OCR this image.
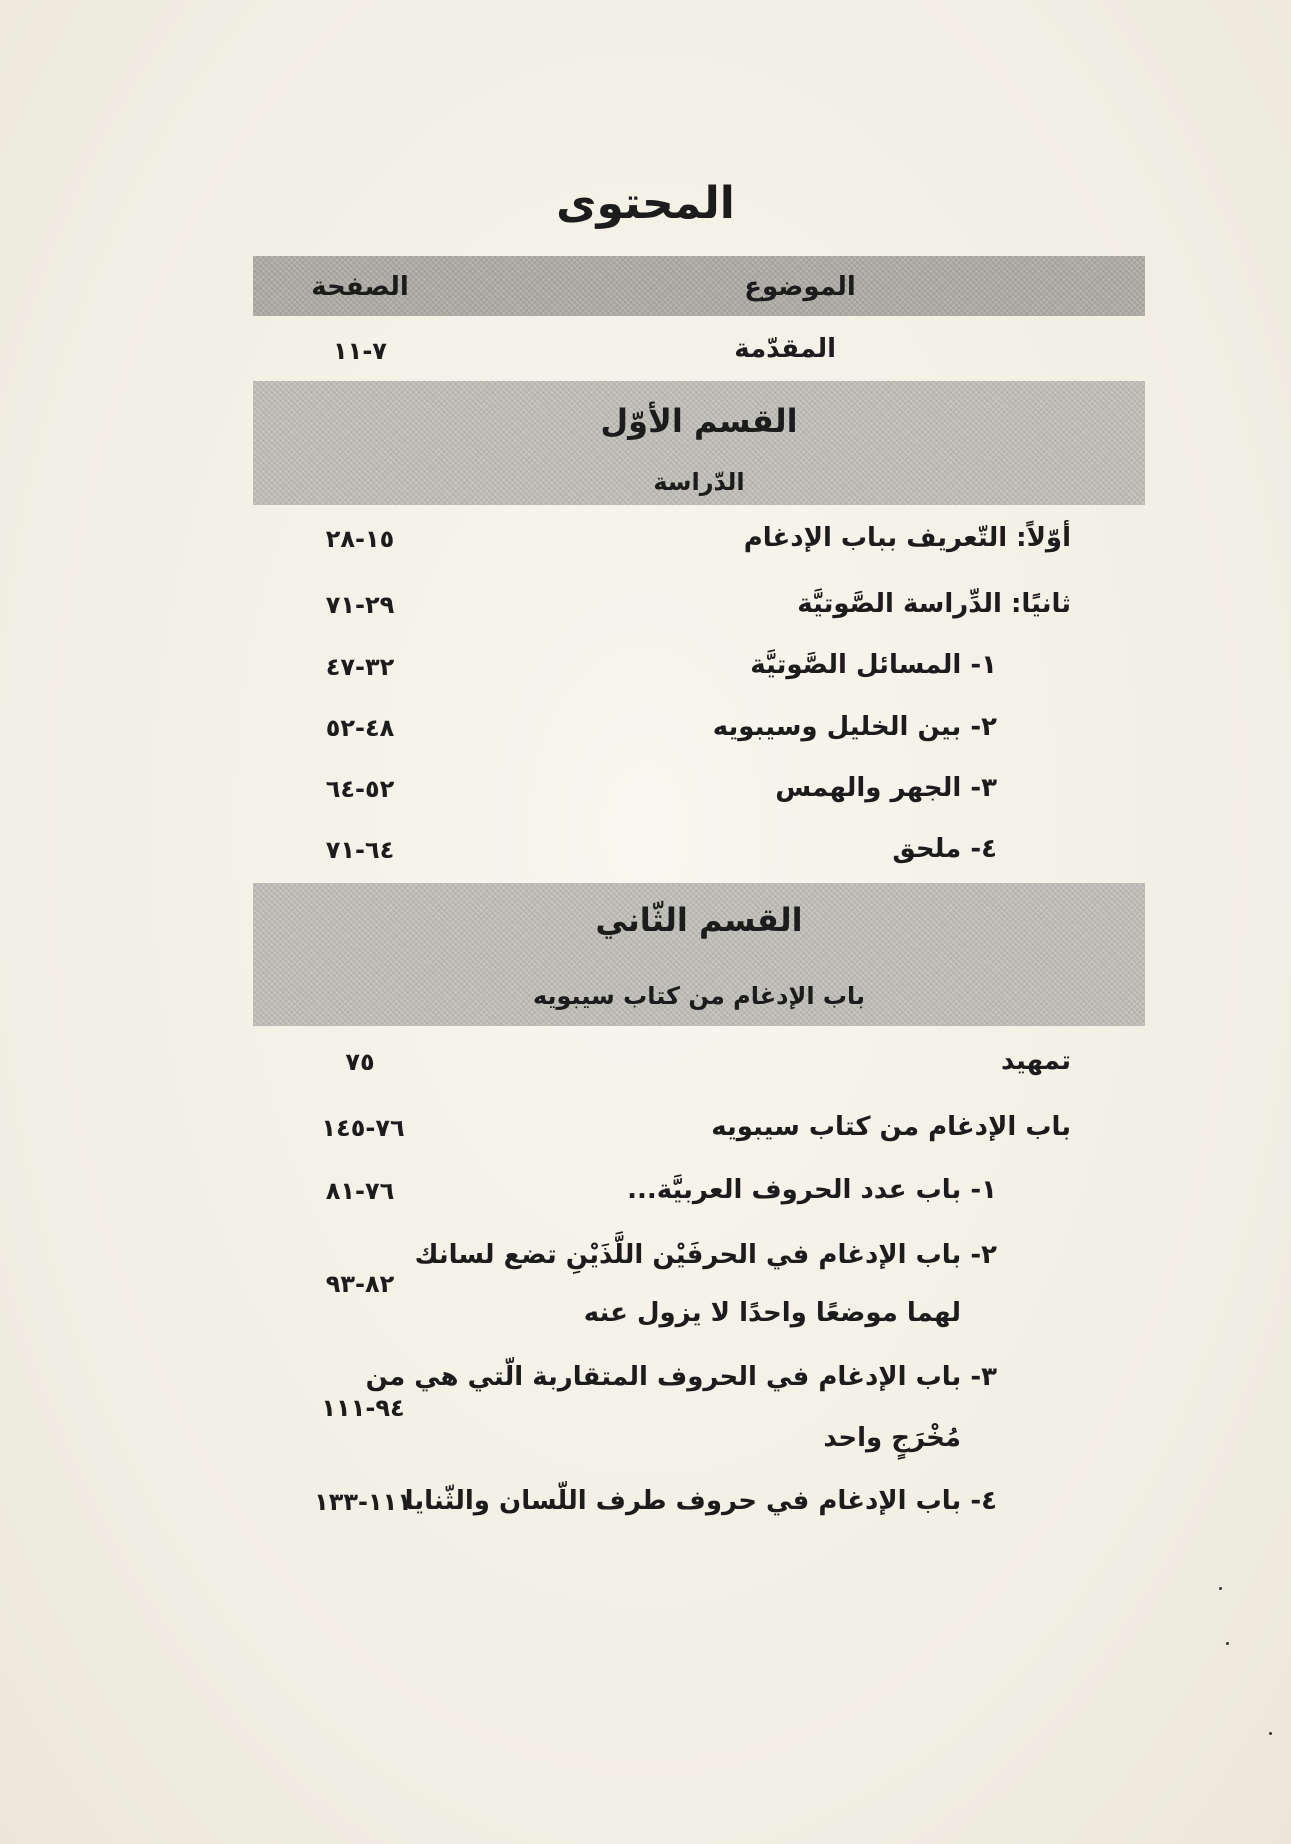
المحتوى
الموضوع
الصفحة
المقدّمة
٧-١١
القسم الأوّل
الدّراسة
أوّلاً: التّعريف بباب الإدغام
١٥-٢٨
ثانيًا: الدِّراسة الصَّوتيَّة
٢٩-٧١
١- المسائل الصَّوتيَّة
٣٢-٤٧
٢- بين الخليل وسيبويه
٤٨-٥٢
٣- الجهر والهمس
٥٢-٦٤
٤- ملحق
٦٤-٧١
القسم الثّاني
باب الإدغام من كتاب سيبويه
تمهيد
٧٥
باب الإدغام من كتاب سيبويه
٧٦-١٤٥
١- باب عدد الحروف العربيَّة...
٧٦-٨١
٢- باب الإدغام في الحرفَيْن اللَّذَيْنِ تضع لسانك
لهما موضعًا واحدًا لا يزول عنه
٨٢-٩٣
٣- باب الإدغام في الحروف المتقاربة الّتي هي من
مُخْرَجٍ واحد
٩٤-١١١
٤- باب الإدغام في حروف طرف اللّسان والثّنايا
١١١-١٣٣
